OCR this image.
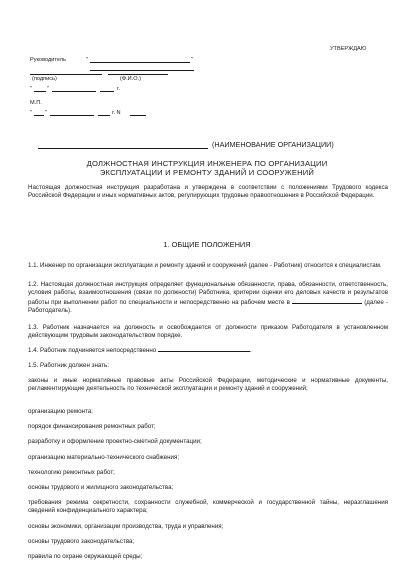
УТВЕРЖДАЮ
Руководитель	"	"
(подпись)	(Ф.И.О.)
"	"	г.
М.П.
" "	г. N
(НАИМЕНОВАНИЕ ОРГАНИЗАЦИИ)
ДОЛЖНОСТНАЯ ИНСТРУКЦИЯ ИНЖЕНЕРА ПО ОРГАНИЗАЦИИ
ЭКСПЛУАТАЦИИ И РЕМОНТУ ЗДАНИЙ И СООРУЖЕНИЙ
Настоящая должностная инструкция разработана и утверждена в соответствии с положениями Трудового кодекса Российской Федерации и иных нормативных актов, регулирующих трудовые правоотношения в Российской Федерации.
1. ОБЩИЕ ПОЛОЖЕНИЯ
1.1. Инженер по организации эксплуатации и ремонту зданий и сооружений (далее - Работник) относится к специалистам.
1.2. Настоящая должностная инструкция определяет функциональные обязанности, права, обязанности, ответственность, условия работы, взаимоотношения (связи по должности) Работника, критерии оценки его деловых качеств и результатов работы при выполнении работ по специальности и непосредственно на рабочем месте в	(далее - Работодатель).
1.3. Работник назначается на должность и освобождается от должности приказом Работодателя в установленном действующим трудовым законодательством порядке.
1.4. Работник подчиняется непосредственно	.
1.5. Работник должен знать:
законы и иные нормативные правовые акты Российской Федерации, методические и нормативные документы, регламентирующие деятельность по технической эксплуатации и ремонту зданий и сооружений;
организацию ремонта;
порядок финансирования ремонтных работ;
разработку и оформление проектно-сметной документации;
организацию материально-технического снабжения;
технологию ремонтных работ;
основы трудового и жилищного законодательства;
требования режима секретности, сохранности служебной, коммерческой и государственной тайны, неразглашения сведений конфиденциального характера;
основы экономики, организации производства, труда и управления;
основы трудового законодательства;
правила по охране окружающей среды;
